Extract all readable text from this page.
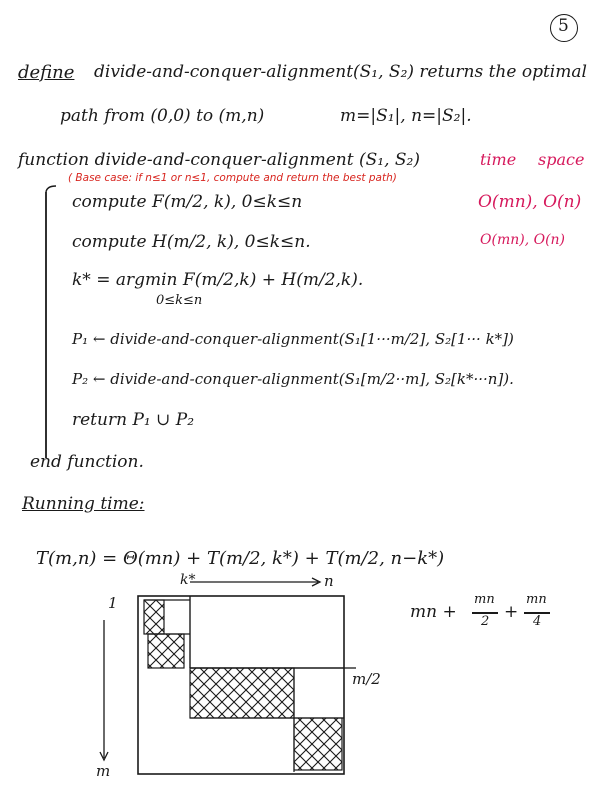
5
define divide-and-conquer-alignment(S₁, S₂) returns the optimal
path from (0,0) to (m,n)	m=|S₁|, n=|S₂|.
function divide-and-conquer-alignment (S₁, S₂)	time space
( Base case: if n≤1 or n≤1, compute and return the best path)
compute F(m/2, k), 0≤k≤n	O(mn), O(n)
compute H(m/2, k), 0≤k≤n.	O(mn), O(n)
k* = argmin F(m/2,k) + H(m/2,k).
0≤k≤n
P₁ ← divide-and-conquer-alignment(S₁[1···m/2], S₂[1··· k*])
P₂ ← divide-and-conquer-alignment(S₁[m/2··m], S₂[k*···n]).
return P₁ ∪ P₂
end function.
Running time:
T(m,n) = Θ(mn) + T(m/2, k*) + T(m/2, n−k*)
mn +
mn
2 +
mn
4
k*	n
m/2
1
m
